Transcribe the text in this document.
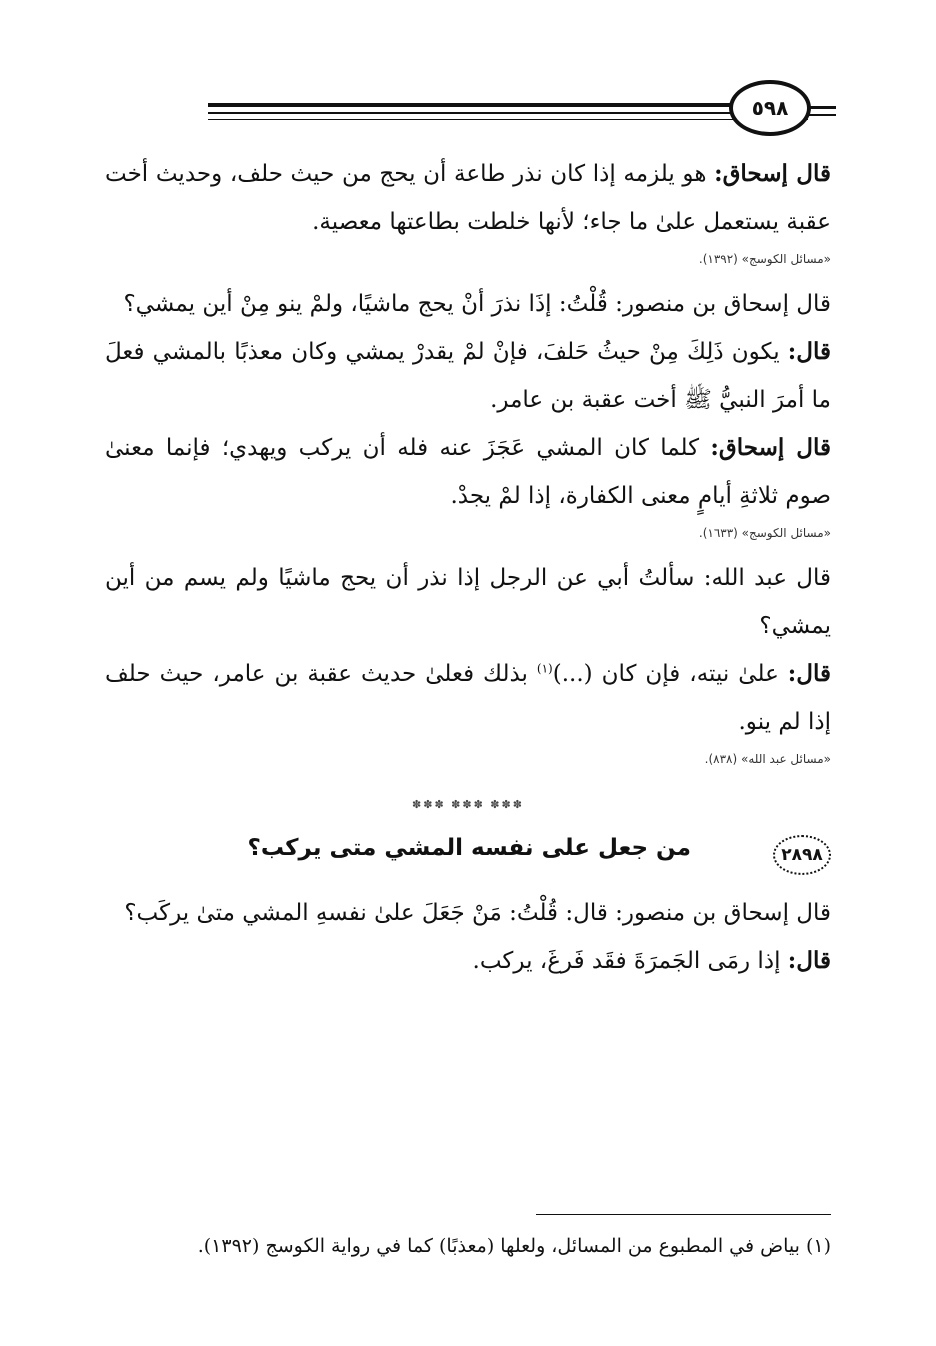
٥٩٨

قال إسحاق: هو يلزمه إذا كان نذر طاعة أن يحج من حيث حلف، وحديث أخت عقبة يستعمل علىٰ ما جاء؛ لأنها خلطت بطاعتها معصية.

«مسائل الكوسج» (١٣٩٢).

قال إسحاق بن منصور: قُلْتُ: إذَا نذرَ أنْ يحج ماشيًا، ولمْ ينو مِنْ أين يمشي؟

قال: يكون ذَلِكَ مِنْ حيثُ حَلفَ، فإنْ لمْ يقدرْ يمشي وكان معذبًا بالمشي فعلَ ما أمرَ النبيُّ ﷺ أخت عقبة بن عامر.

قال إسحاق: كلما كان المشي عَجَزَ عنه فله أن يركب ويهدي؛ فإنما معنىٰ صوم ثلاثةِ أيامٍ معنى الكفارة، إذا لمْ يجدْ.

«مسائل الكوسج» (١٦٣٣).

قال عبد الله: سألتُ أبي عن الرجل إذا نذر أن يحج ماشيًا ولم يسم من أين يمشي؟

قال: علىٰ نيته، فإن كان (...)$^{(١)}$ بذلك فعلىٰ حديث عقبة بن عامر، حيث حلف إذا لم ينو.

«مسائل عبد الله» (٨٣٨).
✽✽✽ ✽✽✽ ✽✽✽
٢٨٩٨
من جعل على نفسه المشي متى يركب؟

قال إسحاق بن منصور: قال: قُلْتُ: مَنْ جَعَلَ علىٰ نفسهِ المشي متىٰ يركَب؟

قال: إذا رمَى الجَمرَةَ فقَد فَرغَ، يركب.

(١) بياض في المطبوع من المسائل، ولعلها (معذبًا) كما في رواية الكوسج (١٣٩٢).
